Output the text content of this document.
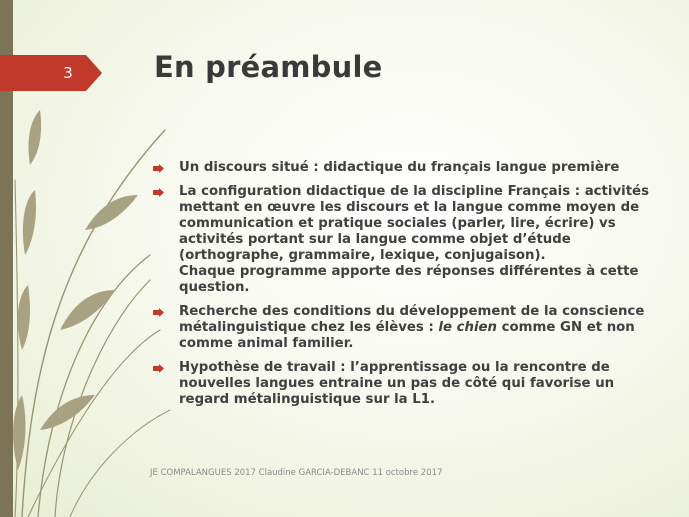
3	En préambule
Un discours situé : didactique du français langue première
La configuration didactique de la discipline Français : activités mettant en œuvre les discours et la langue comme moyen de communication et pratique sociales (parler, lire, écrire) vs activités portant sur la langue comme objet d’étude (orthographe, grammaire, lexique, conjugaison).
Chaque programme apporte des réponses différentes à cette question.
Recherche des conditions du développement de la conscience métalinguistique chez les élèves : le chien comme GN et non comme animal familier.
Hypothèse de travail : l’apprentissage ou la rencontre de nouvelles langues entraine un pas de côté qui favorise un regard métalinguistique sur la L1.
JE COMPALANGUES 2017 Claudine GARCIA-DEBANC 11 octobre 2017
